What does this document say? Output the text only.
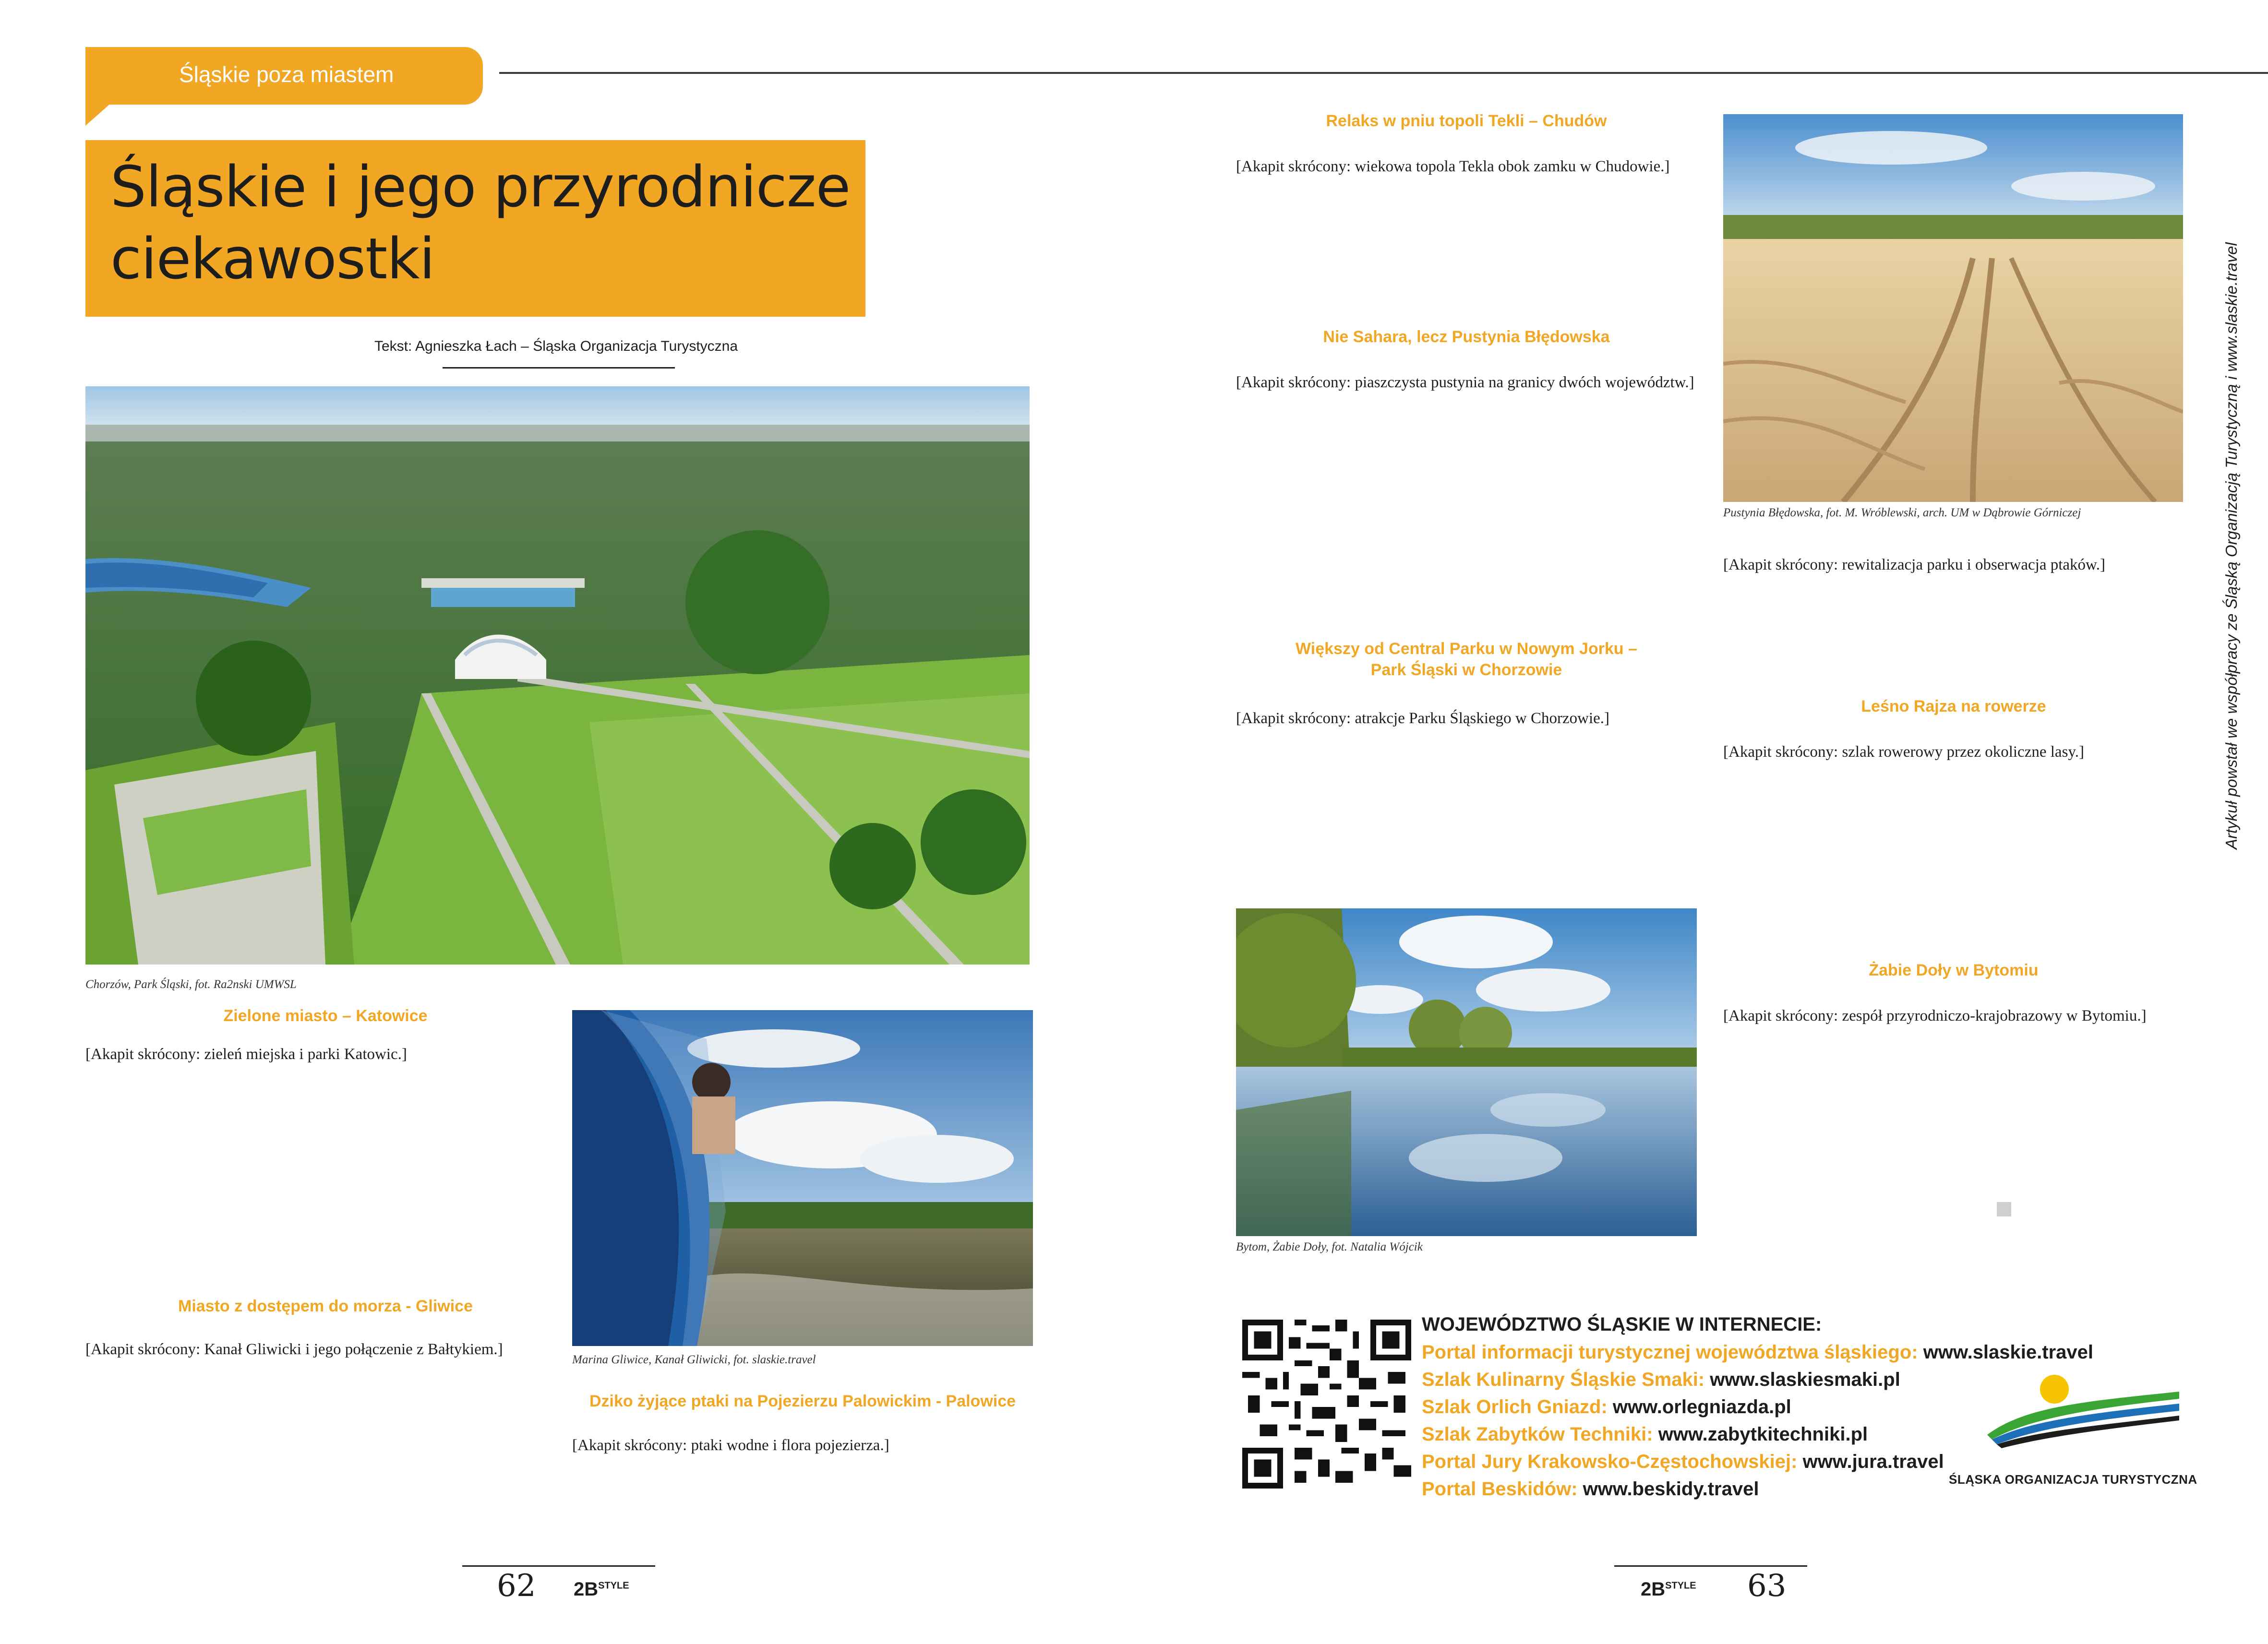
Śląskie poza miastem
Śląskie i jego przyrodnicze
ciekawostki
Tekst: Agnieszka Łach – Śląska Organizacja Turystyczna
Chorzów, Park Śląski, fot. Ra2nski UMWSL
Zielone miasto – Katowice
[Akapit skrócony: zieleń miejska i parki Katowic.]
Miasto z dostępem do morza - Gliwice
[Akapit skrócony: Kanał Gliwicki i jego połączenie z Bałtykiem.]
Marina Gliwice, Kanał Gliwicki, fot. slaskie.travel
Dziko żyjące ptaki na Pojezierzu Palowickim - Palowice
[Akapit skrócony: ptaki wodne i flora pojezierza.]
62 $2B^{STYLE}$
Relaks w pniu topoli Tekli – Chudów
[Akapit skrócony: wiekowa topola Tekla obok zamku w Chudowie.]
Nie Sahara, lecz Pustynia Błędowska
[Akapit skrócony: piaszczysta pustynia na granicy dwóch województw.]
Większy od Central Parku w Nowym Jorku –
Park Śląski w Chorzowie
[Akapit skrócony: atrakcje Parku Śląskiego w Chorzowie.]
Bytom, Żabie Doły, fot. Natalia Wójcik
Pustynia Błędowska, fot. M. Wróblewski, arch. UM w Dąbrowie Górniczej
[Akapit skrócony: rewitalizacja parku i obserwacja ptaków.]
Leśno Rajza na rowerze
[Akapit skrócony: szlak rowerowy przez okoliczne lasy.]
Żabie Doły w Bytomiu
[Akapit skrócony: zespół przyrodniczo-krajobrazowy w Bytomiu.]
WOJEWÓDZTWO ŚLĄSKIE W INTERNECIE:
Portal informacji turystycznej województwa śląskiego: www.slaskie.travel
Szlak Kulinarny Śląskie Smaki: www.slaskiesmaki.pl
Szlak Orlich Gniazd: www.orlegniazda.pl
Szlak Zabytków Techniki: www.zabytkitechniki.pl
Portal Jury Krakowsko-Częstochowskiej: www.jura.travel
Portal Beskidów: www.beskidy.travel	ŚLĄSKA ORGANIZACJA TURYSTYCZNA
Artykuł powstał we współpracy ze Śląską Organizacją Turystyczną i www.slaskie.travel
$2B^{STYLE}$ 63
